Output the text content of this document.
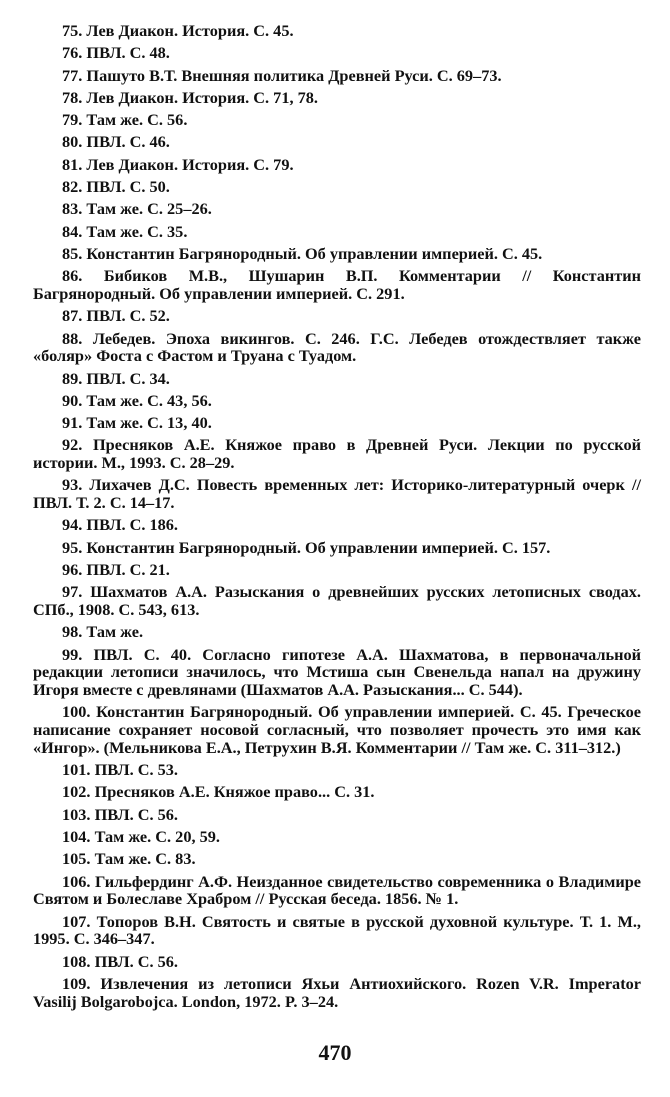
75. Лев Диакон. История. С. 45.

76. ПВЛ. С. 48.

77. Пашуто В.Т. Внешняя политика Древней Руси. С. 69–73.

78. Лев Диакон. История. С. 71, 78.

79. Там же. С. 56.

80. ПВЛ. С. 46.

81. Лев Диакон. История. С. 79.

82. ПВЛ. С. 50.

83. Там же. С. 25–26.

84. Там же. С. 35.

85. Константин Багрянородный. Об управлении империей. С. 45.

86. Бибиков М.В., Шушарин В.П. Комментарии // Константин Багрянородный. Об управлении империей. С. 291.

87. ПВЛ. С. 52.

88. Лебедев. Эпоха викингов. С. 246. Г.С. Лебедев отождествляет также «боляр» Фоста с Фастом и Труана с Туадом.

89. ПВЛ. С. 34.

90. Там же. С. 43, 56.

91. Там же. С. 13, 40.

92. Пресняков А.Е. Княжое право в Древней Руси. Лекции по русской истории. М., 1993. С. 28–29.

93. Лихачев Д.С. Повесть временных лет: Историко-литературный очерк // ПВЛ. Т. 2. С. 14–17.

94. ПВЛ. С. 186.

95. Константин Багрянородный. Об управлении империей. С. 157.

96. ПВЛ. С. 21.

97. Шахматов А.А. Разыскания о древнейших русских летописных сводах. СПб., 1908. С. 543, 613.

98. Там же.

99. ПВЛ. С. 40. Согласно гипотезе А.А. Шахматова, в первоначальной редакции летописи значилось, что Мстиша сын Свенельда напал на дружину Игоря вместе с древлянами (Шахматов А.А. Разыскания... С. 544).

100. Константин Багрянородный. Об управлении империей. С. 45. Греческое написание сохраняет носовой согласный, что позволяет прочесть это имя как «Ингор». (Мельникова Е.А., Петрухин В.Я. Комментарии // Там же. С. 311–312.)

101. ПВЛ. С. 53.

102. Пресняков А.Е. Княжое право... С. 31.

103. ПВЛ. С. 56.

104. Там же. С. 20, 59.

105. Там же. С. 83.

106. Гильфердинг А.Ф. Неизданное свидетельство современника о Владимире Святом и Болеславе Храбром // Русская беседа. 1856. № 1.

107. Топоров В.Н. Святость и святые в русской духовной культуре. Т. 1. М., 1995. С. 346–347.

108. ПВЛ. С. 56.

109. Извлечения из летописи Яхьи Антиохийского. Rozen V.R. Imperator Vasilij Bolgarobojca. London, 1972. P. 3–24.

470
